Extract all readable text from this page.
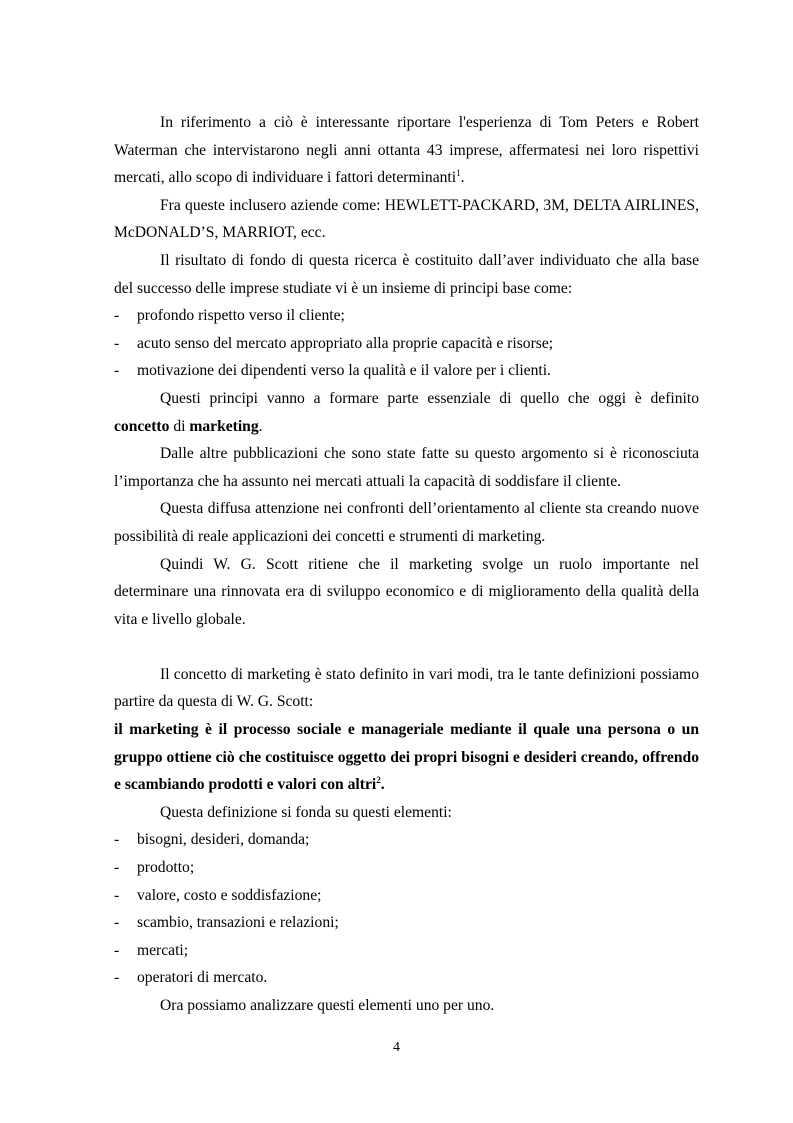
In riferimento a ciò è interessante riportare l'esperienza di Tom Peters e Robert Waterman che intervistarono negli anni ottanta 43 imprese, affermatesi nei loro rispettivi mercati, allo scopo di individuare i fattori determinanti$^1$.

Fra queste inclusero aziende come: HEWLETT-PACKARD, 3M, DELTA AIRLINES, McDONALD’S, MARRIOT, ecc.

Il risultato di fondo di questa ricerca è costituito dall’aver individuato che alla base del successo delle imprese studiate vi è un insieme di principi base come:

-	profondo rispetto verso il cliente;
-	acuto senso del mercato appropriato alla proprie capacità e risorse;
-	motivazione dei dipendenti verso la qualità e il valore per i clienti.

Questi principi vanno a formare parte essenziale di quello che oggi è definito concetto di marketing.

Dalle altre pubblicazioni che sono state fatte su questo argomento si è riconosciuta l’importanza che ha assunto nei mercati attuali la capacità di soddisfare il cliente.

Questa diffusa attenzione nei confronti dell’orientamento al cliente sta creando nuove possibilità di reale applicazioni dei concetti e strumenti di marketing.

Quindi W. G. Scott ritiene che il marketing svolge un ruolo importante nel determinare una rinnovata era di sviluppo economico e di miglioramento della qualità della vita e livello globale.

Il concetto di marketing è stato definito in vari modi, tra le tante definizioni possiamo partire da questa di W. G. Scott:

il marketing è il processo sociale e manageriale mediante il quale una persona o un gruppo ottiene ciò che costituisce oggetto dei propri bisogni e desideri creando, offrendo e scambiando prodotti e valori con altri$^2$.

Questa definizione si fonda su questi elementi:

-	bisogni, desideri, domanda;
-	prodotto;
-	valore, costo e soddisfazione;
-	scambio, transazioni e relazioni;
-	mercati;
-	operatori di mercato.

Ora possiamo analizzare questi elementi uno per uno.

4
